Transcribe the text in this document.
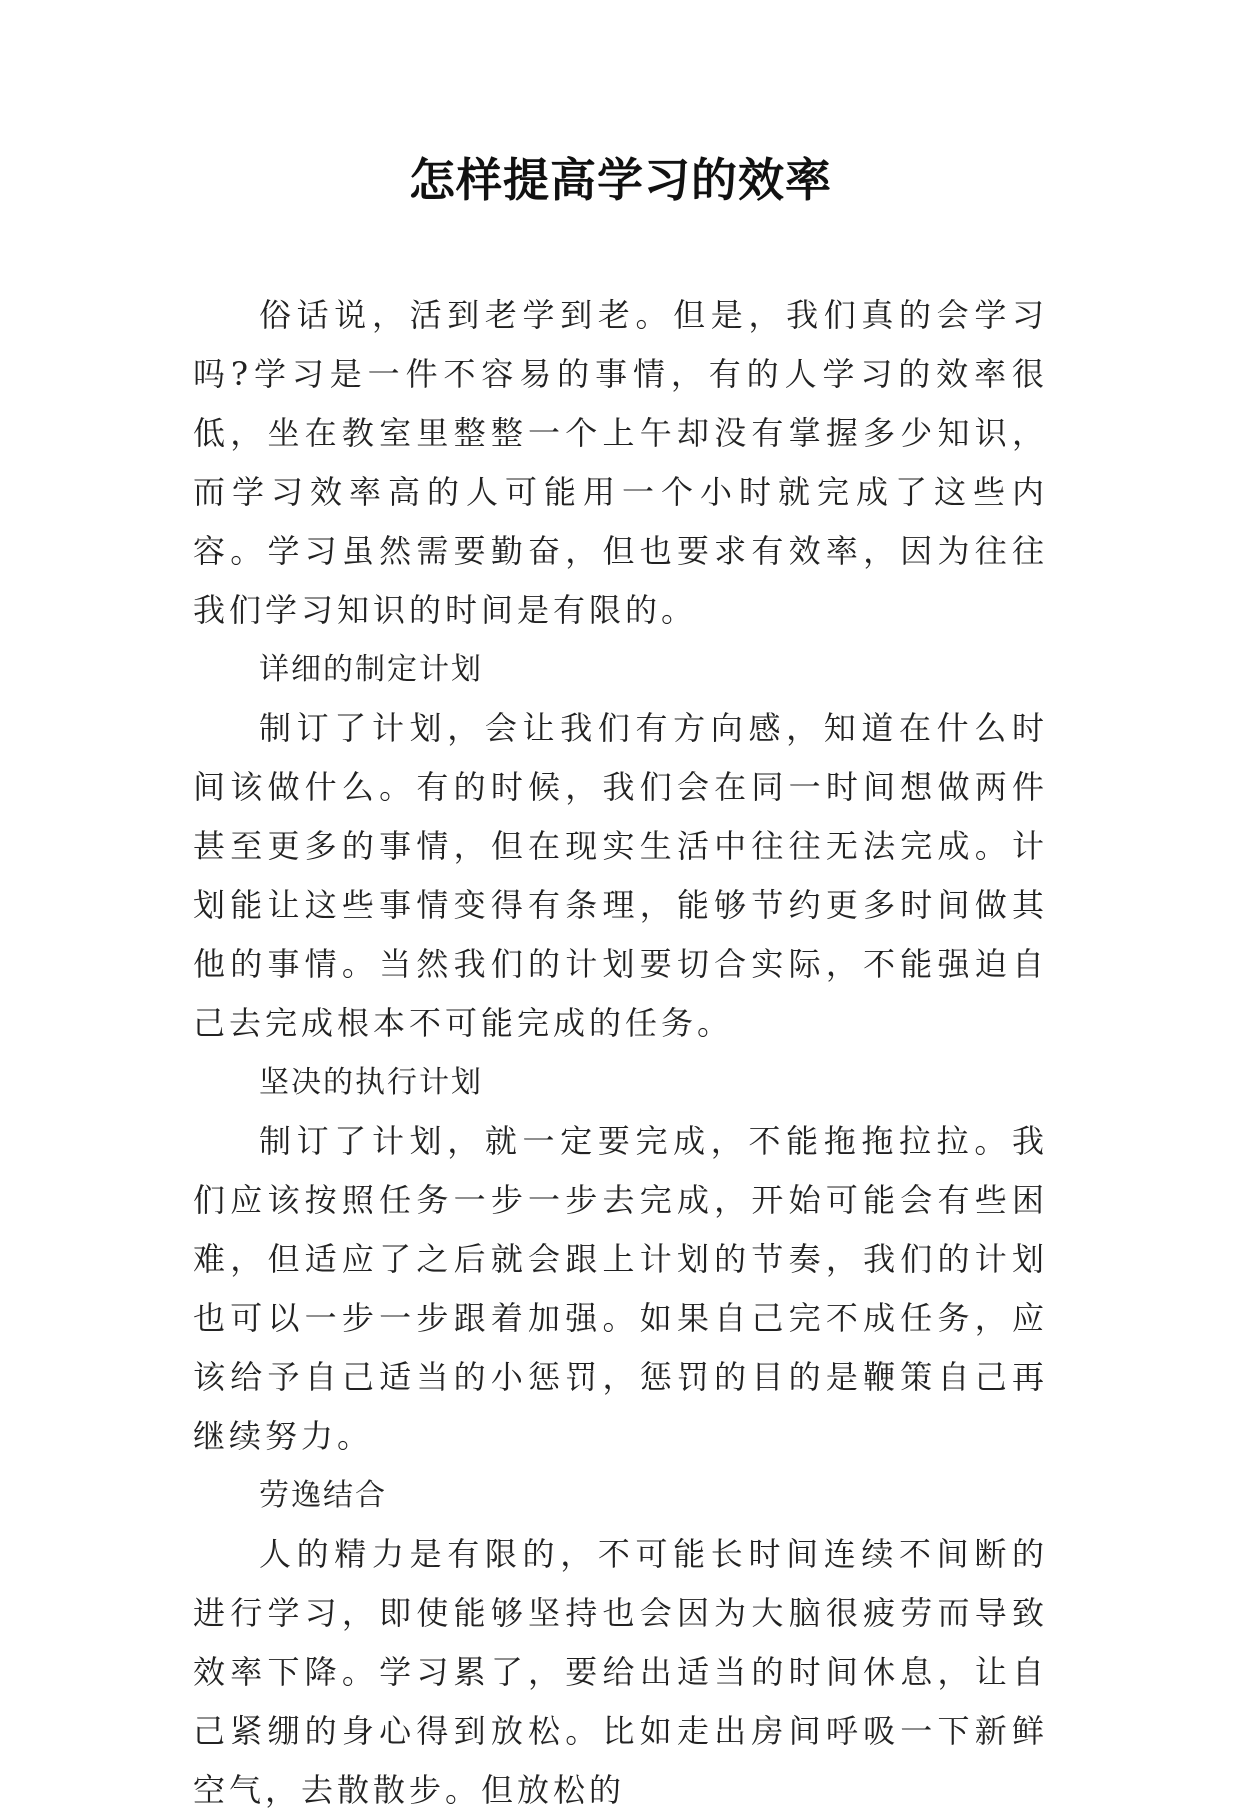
怎样提高学习的效率

俗话说，活到老学到老。但是，我们真的会学习吗?学习是一件不容易的事情，有的人学习的效率很低，坐在教室里整整一个上午却没有掌握多少知识，而学习效率高的人可能用一个小时就完成了这些内容。学习虽然需要勤奋，但也要求有效率，因为往往我们学习知识的时间是有限的。

详细的制定计划

制订了计划，会让我们有方向感，知道在什么时间该做什么。有的时候，我们会在同一时间想做两件甚至更多的事情，但在现实生活中往往无法完成。计划能让这些事情变得有条理，能够节约更多时间做其他的事情。当然我们的计划要切合实际，不能强迫自己去完成根本不可能完成的任务。

坚决的执行计划

制订了计划，就一定要完成，不能拖拖拉拉。我们应该按照任务一步一步去完成，开始可能会有些困难，但适应了之后就会跟上计划的节奏，我们的计划也可以一步一步跟着加强。如果自己完不成任务，应该给予自己适当的小惩罚，惩罚的目的是鞭策自己再继续努力。

劳逸结合

人的精力是有限的，不可能长时间连续不间断的进行学习，即使能够坚持也会因为大脑很疲劳而导致效率下降。学习累了，要给出适当的时间休息，让自己紧绷的身心得到放松。比如走出房间呼吸一下新鲜空气，去散散步。但放松的
